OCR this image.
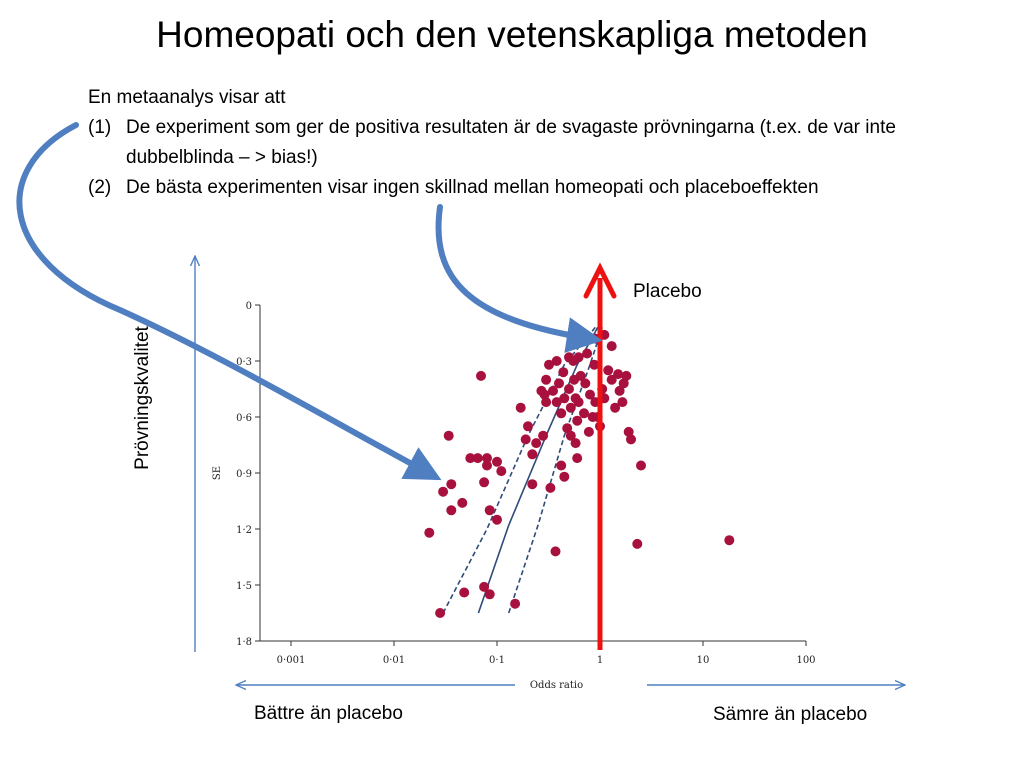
Homeopati och den vetenskapliga metoden
En metaanalys visar att
(1) De experiment som ger de positiva resultaten är de svagaste prövningarna (t.ex. de var inte dubbelblinda – > bias!)
(2) De bästa experimenten visar ingen skillnad mellan homeopati och placeboeffekten
0
0·3
0·6
0·9
1·2
1·5
1·8
0·001	0·01	0·1	1	10	100
Odds ratio
SE
Placebo
Prövningskvalitet
Bättre än placebo	Sämre än placebo
